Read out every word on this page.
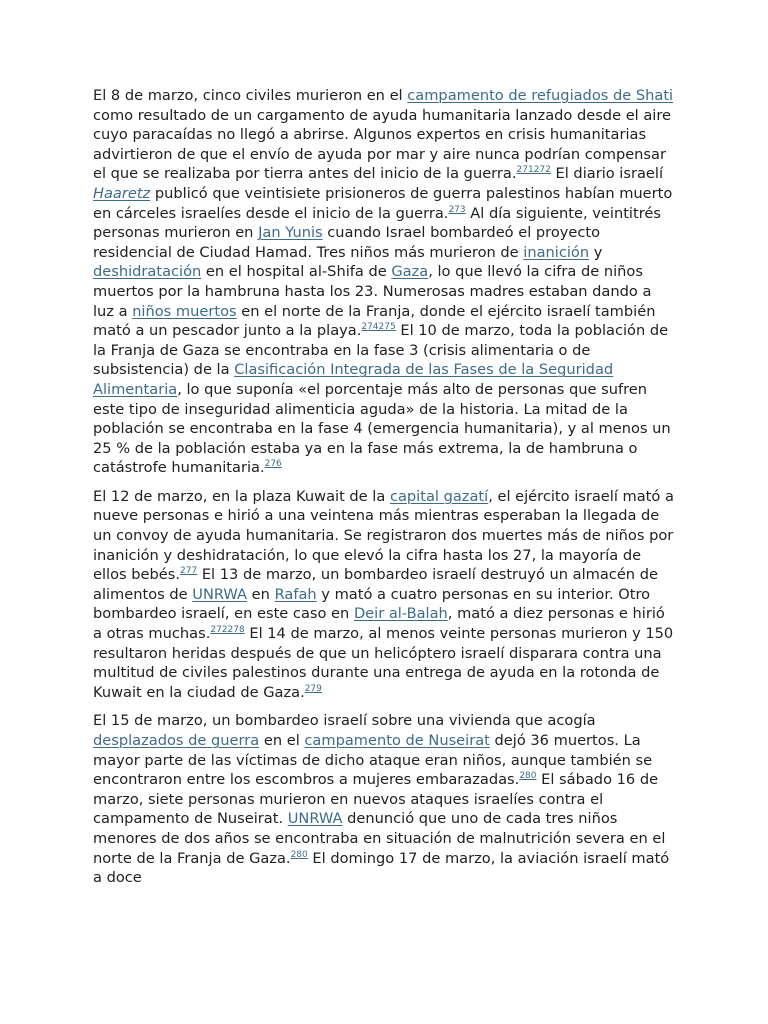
El 8 de marzo, cinco civiles murieron en el campamento de refugiados de Shati como resultado de un cargamento de ayuda humanitaria lanzado desde el aire cuyo paracaídas no llegó a abrirse. Algunos expertos en crisis humanitarias advirtieron de que el envío de ayuda por mar y aire nunca podrían compensar el que se realizaba por tierra antes del inicio de la guerra.$^{271272}$ El diario israelí Haaretz publicó que veintisiete prisioneros de guerra palestinos habían muerto en cárceles israelíes desde el inicio de la guerra.$^{273}$ Al día siguiente, veintitrés personas murieron en Jan Yunis cuando Israel bombardeó el proyecto residencial de Ciudad Hamad. Tres niños más murieron de inanición y deshidratación en el hospital al-Shifa de Gaza, lo que llevó la cifra de niños muertos por la hambruna hasta los 23. Numerosas madres estaban dando a luz a niños muertos en el norte de la Franja, donde el ejército israelí también mató a un pescador junto a la playa.$^{274275}$ El 10 de marzo, toda la población de la Franja de Gaza se encontraba en la fase 3 (crisis alimentaria o de subsistencia) de la Clasificación Integrada de las Fases de la Seguridad Alimentaria, lo que suponía «el porcentaje más alto de personas que sufren este tipo de inseguridad alimenticia aguda» de la historia. La mitad de la población se encontraba en la fase 4 (emergencia humanitaria), y al menos un 25 % de la población estaba ya en la fase más extrema, la de hambruna o catástrofe humanitaria.$^{276}$

El 12 de marzo, en la plaza Kuwait de la capital gazatí, el ejército israelí mató a nueve personas e hirió a una veintena más mientras esperaban la llegada de un convoy de ayuda humanitaria. Se registraron dos muertes más de niños por inanición y deshidratación, lo que elevó la cifra hasta los 27, la mayoría de ellos bebés.$^{277}$ El 13 de marzo, un bombardeo israelí destruyó un almacén de alimentos de UNRWA en Rafah y mató a cuatro personas en su interior. Otro bombardeo israelí, en este caso en Deir al-Balah, mató a diez personas e hirió a otras muchas.$^{272278}$ El 14 de marzo, al menos veinte personas murieron y 150 resultaron heridas después de que un helicóptero israelí disparara contra una multitud de civiles palestinos durante una entrega de ayuda en la rotonda de Kuwait en la ciudad de Gaza.$^{279}$

El 15 de marzo, un bombardeo israelí sobre una vivienda que acogía desplazados de guerra en el campamento de Nuseirat dejó 36 muertos. La mayor parte de las víctimas de dicho ataque eran niños, aunque también se encontraron entre los escombros a mujeres embarazadas.$^{280}$ El sábado 16 de marzo, siete personas murieron en nuevos ataques israelíes contra el campamento de Nuseirat. UNRWA denunció que uno de cada tres niños menores de dos años se encontraba en situación de malnutrición severa en el norte de la Franja de Gaza.$^{280}$ El domingo 17 de marzo, la aviación israelí mató a doce
